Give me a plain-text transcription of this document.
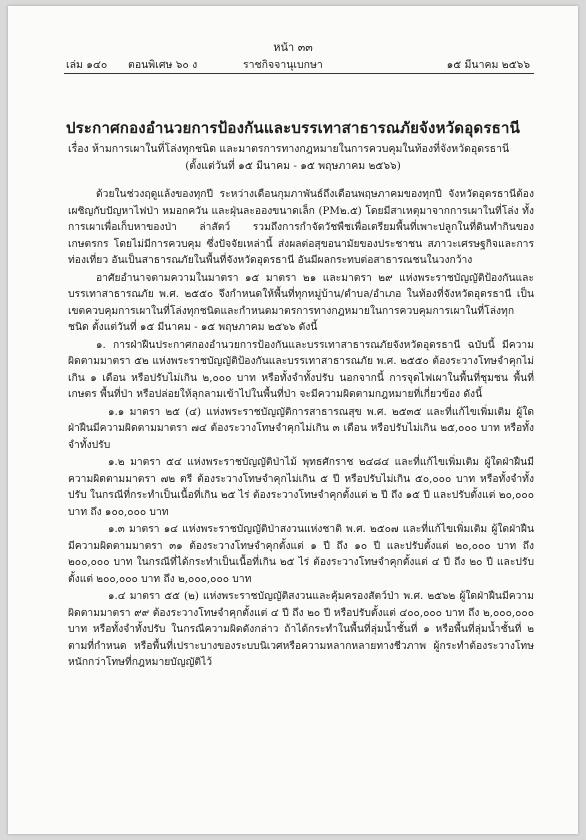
หน้า ๓๓
เล่ม ๑๔๐ ตอนพิเศษ ๖๐ ง	ราชกิจจานุเบกษา	๑๕ มีนาคม ๒๕๖๖
ประกาศกองอำนวยการป้องกันและบรรเทาสาธารณภัยจังหวัดอุดรธานี
เรื่อง ห้ามการเผาในที่โล่งทุกชนิด และมาตรการทางกฎหมายในการควบคุมในท้องที่จังหวัดอุดรธานี
(ตั้งแต่วันที่ ๑๕ มีนาคม - ๑๕ พฤษภาคม ๒๕๖๖)

ด้วยในช่วงฤดูแล้งของทุกปี ระหว่างเดือนกุมภาพันธ์ถึงเดือนพฤษภาคมของทุกปี จังหวัดอุดรธานีต้องเผชิญกับปัญหาไฟป่า หมอกควัน และฝุ่นละอองขนาดเล็ก (PM๒.๕) โดยมีสาเหตุมาจากการเผาในที่โล่ง ทั้งการเผาเพื่อเก็บหาของป่า ล่าสัตว์ รวมถึงการกำจัดวัชพืชเพื่อเตรียมพื้นที่เพาะปลูกในที่ดินทำกินของเกษตรกร โดยไม่มีการควบคุม ซึ่งปัจจัยเหล่านี้ ส่งผลต่อสุขอนามัยของประชาชน สภาวะเศรษฐกิจและการท่องเที่ยว อันเป็นสาธารณภัยในพื้นที่จังหวัดอุดรธานี อันมีผลกระทบต่อสาธารณชนในวงกว้าง

อาศัยอำนาจตามความในมาตรา ๑๕ มาตรา ๒๑ และมาตรา ๒๙ แห่งพระราชบัญญัติป้องกันและบรรเทาสาธารณภัย พ.ศ. ๒๕๕๐ จึงกำหนดให้พื้นที่ทุกหมู่บ้าน/ตำบล/อำเภอ ในท้องที่จังหวัดอุดรธานี เป็นเขตควบคุมการเผาในที่โล่งทุกชนิดและกำหนดมาตรการทางกฎหมายในการควบคุมการเผาในที่โล่งทุกชนิด ตั้งแต่วันที่ ๑๕ มีนาคม - ๑๕ พฤษภาคม ๒๕๖๖ ดังนี้

๑. การฝ่าฝืนประกาศกองอำนวยการป้องกันและบรรเทาสาธารณภัยจังหวัดอุดรธานี ฉบับนี้ มีความผิดตามมาตรา ๕๒ แห่งพระราชบัญญัติป้องกันและบรรเทาสาธารณภัย พ.ศ. ๒๕๕๐ ต้องระวางโทษจำคุกไม่เกิน ๑ เดือน หรือปรับไม่เกิน ๒,๐๐๐ บาท หรือทั้งจำทั้งปรับ นอกจากนี้ การจุดไฟเผาในพื้นที่ชุมชน พื้นที่เกษตร พื้นที่ป่า หรือปล่อยให้ลุกลามเข้าไปในพื้นที่ป่า จะมีความผิดตามกฎหมายที่เกี่ยวข้อง ดังนี้

๑.๑ มาตรา ๒๕ (๔) แห่งพระราชบัญญัติการสาธารณสุข พ.ศ. ๒๕๓๕ และที่แก้ไขเพิ่มเติม ผู้ใดฝ่าฝืนมีความผิดตามมาตรา ๗๔ ต้องระวางโทษจำคุกไม่เกิน ๓ เดือน หรือปรับไม่เกิน ๒๕,๐๐๐ บาท หรือทั้งจำทั้งปรับ

๑.๒ มาตรา ๕๔ แห่งพระราชบัญญัติป่าไม้ พุทธศักราช ๒๔๘๔ และที่แก้ไขเพิ่มเติม ผู้ใดฝ่าฝืนมีความผิดตามมาตรา ๗๒ ตรี ต้องระวางโทษจำคุกไม่เกิน ๕ ปี หรือปรับไม่เกิน ๕๐,๐๐๐ บาท หรือทั้งจำทั้งปรับ ในกรณีที่กระทำเป็นเนื้อที่เกิน ๒๕ ไร่ ต้องระวางโทษจำคุกตั้งแต่ ๒ ปี ถึง ๑๕ ปี และปรับตั้งแต่ ๒๐,๐๐๐ บาท ถึง ๑๐๐,๐๐๐ บาท

๑.๓ มาตรา ๑๔ แห่งพระราชบัญญัติป่าสงวนแห่งชาติ พ.ศ. ๒๕๐๗ และที่แก้ไขเพิ่มเติม ผู้ใดฝ่าฝืนมีความผิดตามมาตรา ๓๑ ต้องระวางโทษจำคุกตั้งแต่ ๑ ปี ถึง ๑๐ ปี และปรับตั้งแต่ ๒๐,๐๐๐ บาท ถึง ๒๐๐,๐๐๐ บาท ในกรณีที่ได้กระทำเป็นเนื้อที่เกิน ๒๕ ไร่ ต้องระวางโทษจำคุกตั้งแต่ ๔ ปี ถึง ๒๐ ปี และปรับตั้งแต่ ๒๐๐,๐๐๐ บาท ถึง ๒,๐๐๐,๐๐๐ บาท

๑.๔ มาตรา ๕๕ (๒) แห่งพระราชบัญญัติสงวนและคุ้มครองสัตว์ป่า พ.ศ. ๒๕๖๒ ผู้ใดฝ่าฝืนมีความผิดตามมาตรา ๙๙ ต้องระวางโทษจำคุกตั้งแต่ ๔ ปี ถึง ๒๐ ปี หรือปรับตั้งแต่ ๔๐๐,๐๐๐ บาท ถึง ๒,๐๐๐,๐๐๐ บาท หรือทั้งจำทั้งปรับ ในกรณีความผิดดังกล่าว ถ้าได้กระทำในพื้นที่ลุ่มน้ำชั้นที่ ๑ หรือพื้นที่ลุ่มน้ำชั้นที่ ๒ ตามที่กำหนด หรือพื้นที่เปราะบางของระบบนิเวศหรือความหลากหลายทางชีวภาพ ผู้กระทำต้องระวางโทษหนักกว่าโทษที่กฎหมายบัญญัติไว้
